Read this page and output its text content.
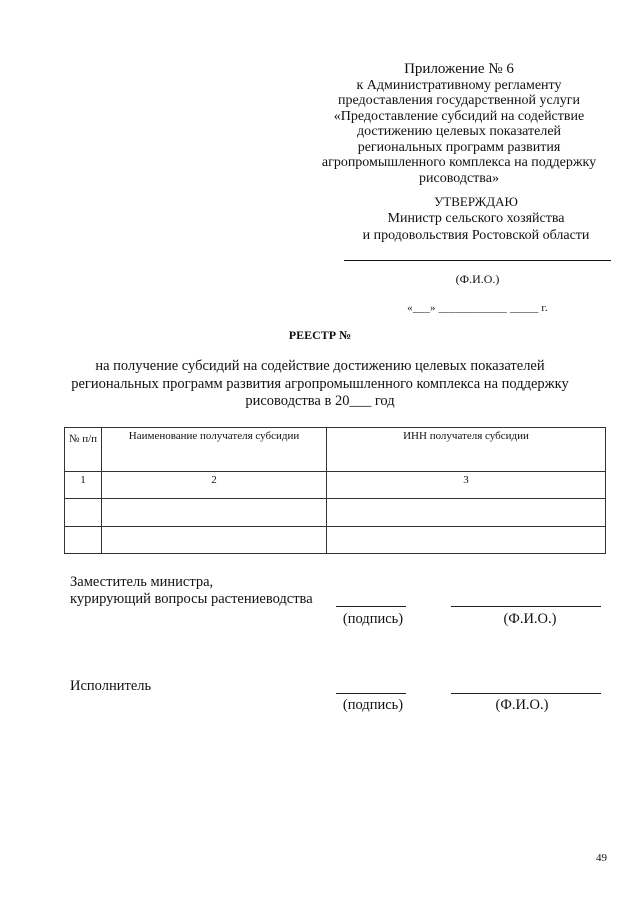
Приложение № 6
к Административному регламенту
предоставления государственной услуги
«Предоставление субсидий на содействие
достижению целевых показателей
региональных программ развития
агропромышленного комплекса на поддержку
рисоводства»
УТВЕРЖДАЮ
Министр сельского хозяйства
и продовольствия Ростовской области
(Ф.И.О.)
«___» ____________ _____ г.
РЕЕСТР №
на получение субсидий на содействие достижению целевых показателей
региональных программ развития агропромышленного комплекса на поддержку
рисоводства в 20___ год
№ п/п	Наименование получателя субсидии	ИНН получателя субсидии
1	2	3

Заместитель министра,
курирующий вопросы растениеводства
(подпись)	(Ф.И.О.)
Исполнитель
(подпись)	(Ф.И.О.)
49
